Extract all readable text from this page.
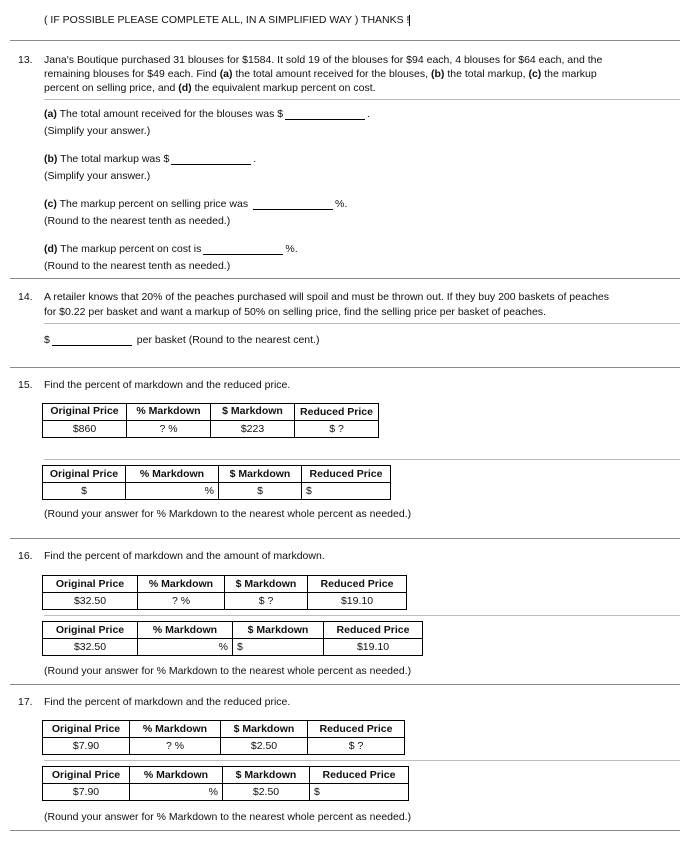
( IF POSSIBLE PLEASE COMPLETE ALL, IN A SIMPLIFIED WAY ) THANKS !
13. Jana's Boutique purchased 31 blouses for $1584. It sold 19 of the blouses for $94 each, 4 blouses for $64 each, and the
remaining blouses for $49 each. Find (a) the total amount received for the blouses, (b) the total markup, (c) the markup
percent on selling price, and (d) the equivalent markup percent on cost.
(a) The total amount received for the blouses was $	.
(Simplify your answer.)
(b) The total markup was $	.
(Simplify your answer.)
(c) The markup percent on selling price was	%.
(Round to the nearest tenth as needed.)
(d) The markup percent on cost is	%.
(Round to the nearest tenth as needed.)
14. A retailer knows that 20% of the peaches purchased will spoil and must be thrown out. If they buy 200 baskets of peaches
for $0.22 per basket and want a markup of 50% on selling price, find the selling price per basket of peaches.
$	per basket (Round to the nearest cent.)
15. Find the percent of markdown and the reduced price.
Original Price	% Markdown	$ Markdown	Reduced Price
$860	? %	$223	$ ?
Original Price	% Markdown	$ Markdown	Reduced Price
$	%	$	$
(Round your answer for % Markdown to the nearest whole percent as needed.)
16. Find the percent of markdown and the amount of markdown.
Original Price	% Markdown	$ Markdown	Reduced Price
$32.50	? %	$ ?	$19.10
Original Price	% Markdown	$ Markdown	Reduced Price
$32.50	%	$	$19.10
(Round your answer for % Markdown to the nearest whole percent as needed.)
17. Find the percent of markdown and the reduced price.
Original Price	% Markdown	$ Markdown	Reduced Price
$7.90	? %	$2.50	$ ?
Original Price	% Markdown	$ Markdown	Reduced Price
$7.90	%	$2.50	$
(Round your answer for % Markdown to the nearest whole percent as needed.)
